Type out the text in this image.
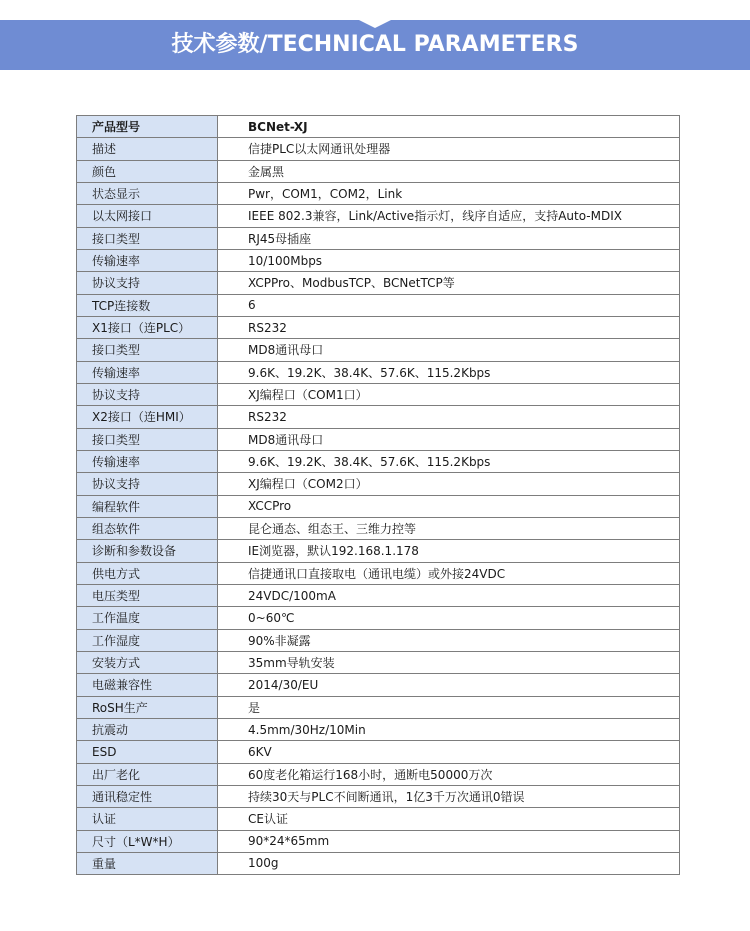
技术参数/TECHNICAL PARAMETERS
产品型号	BCNet-XJ
描述	信捷PLC以太网通讯处理器
颜色	金属黑
状态显示	Pwr，COM1，COM2，Link
以太网接口	IEEE 802.3兼容，Link/Active指示灯，线序自适应，支持Auto-MDIX
接口类型	RJ45母插座
传输速率	10/100Mbps
协议支持	XCPPro、ModbusTCP、BCNetTCP等
TCP连接数	6
X1接口（连PLC）	RS232
接口类型	MD8通讯母口
传输速率	9.6K、19.2K、38.4K、57.6K、115.2Kbps
协议支持	XJ编程口（COM1口）
X2接口（连HMI）	RS232
接口类型	MD8通讯母口
传输速率	9.6K、19.2K、38.4K、57.6K、115.2Kbps
协议支持	XJ编程口（COM2口）
编程软件	XCCPro
组态软件	昆仑通态、组态王、三维力控等
诊断和参数设备	IE浏览器，默认192.168.1.178
供电方式	信捷通讯口直接取电（通讯电缆）或外接24VDC
电压类型	24VDC/100mA
工作温度	0~60℃
工作湿度	90%非凝露
安装方式	35mm导轨安装
电磁兼容性	2014/30/EU
RoSH生产	是
抗震动	4.5mm/30Hz/10Min
ESD	6KV
出厂老化	60度老化箱运行168小时，通断电50000万次
通讯稳定性	持续30天与PLC不间断通讯，1亿3千万次通讯0错误
认证	CE认证
尺寸（L*W*H）	90*24*65mm
重量	100g
